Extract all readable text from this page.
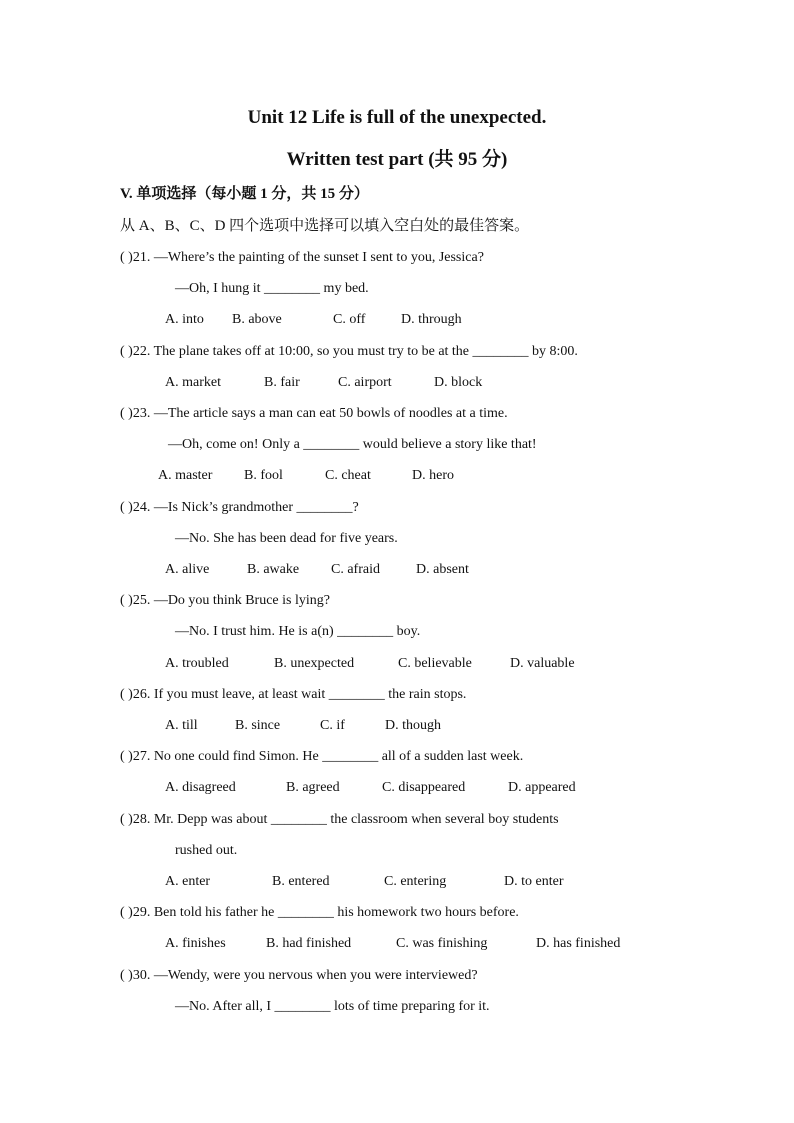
Unit 12 Life is full of the unexpected.
Written test part (共 95 分)
V. 单项选择（每小题 1 分，共 15 分）
从 A、B、C、D 四个选项中选择可以填入空白处的最佳答案。
( )21. —Where’s the painting of the sunset I sent to you, Jessica?
—Oh, I hung it ________ my bed.
A. into B. above	C. off	D. through
( )22. The plane takes off at 10:00, so you must try to be at the ________ by 8:00.
A. market	B. fair	C. airport	D. block
( )23. —The article says a man can eat 50 bowls of noodles at a time.
—Oh, come on! Only a ________ would believe a story like that!
A. master B. fool	C. cheat	D. hero
( )24. —Is Nick’s grandmother ________?
—No. She has been dead for five years.
A. alive	B. awake C. afraid	D. absent
( )25. —Do you think Bruce is lying?
—No. I trust him. He is a(n) ________ boy.
A. troubled	B. unexpected	C. believable	D. valuable
( )26. If you must leave, at least wait ________ the rain stops.
A. till	B. since	C. if	D. though
( )27. No one could find Simon. He ________ all of a sudden last week.
A. disagreed	B. agreed	C. disappeared	D. appeared
( )28. Mr. Depp was about ________ the classroom when several boy students
rushed out.
A. enter	B. entered	C. entering	D. to enter
( )29. Ben told his father he ________ his homework two hours before.
A. finishes	B. had finished	C. was finishing	D. has finished
( )30. —Wendy, were you nervous when you were interviewed?
—No. After all, I ________ lots of time preparing for it.
